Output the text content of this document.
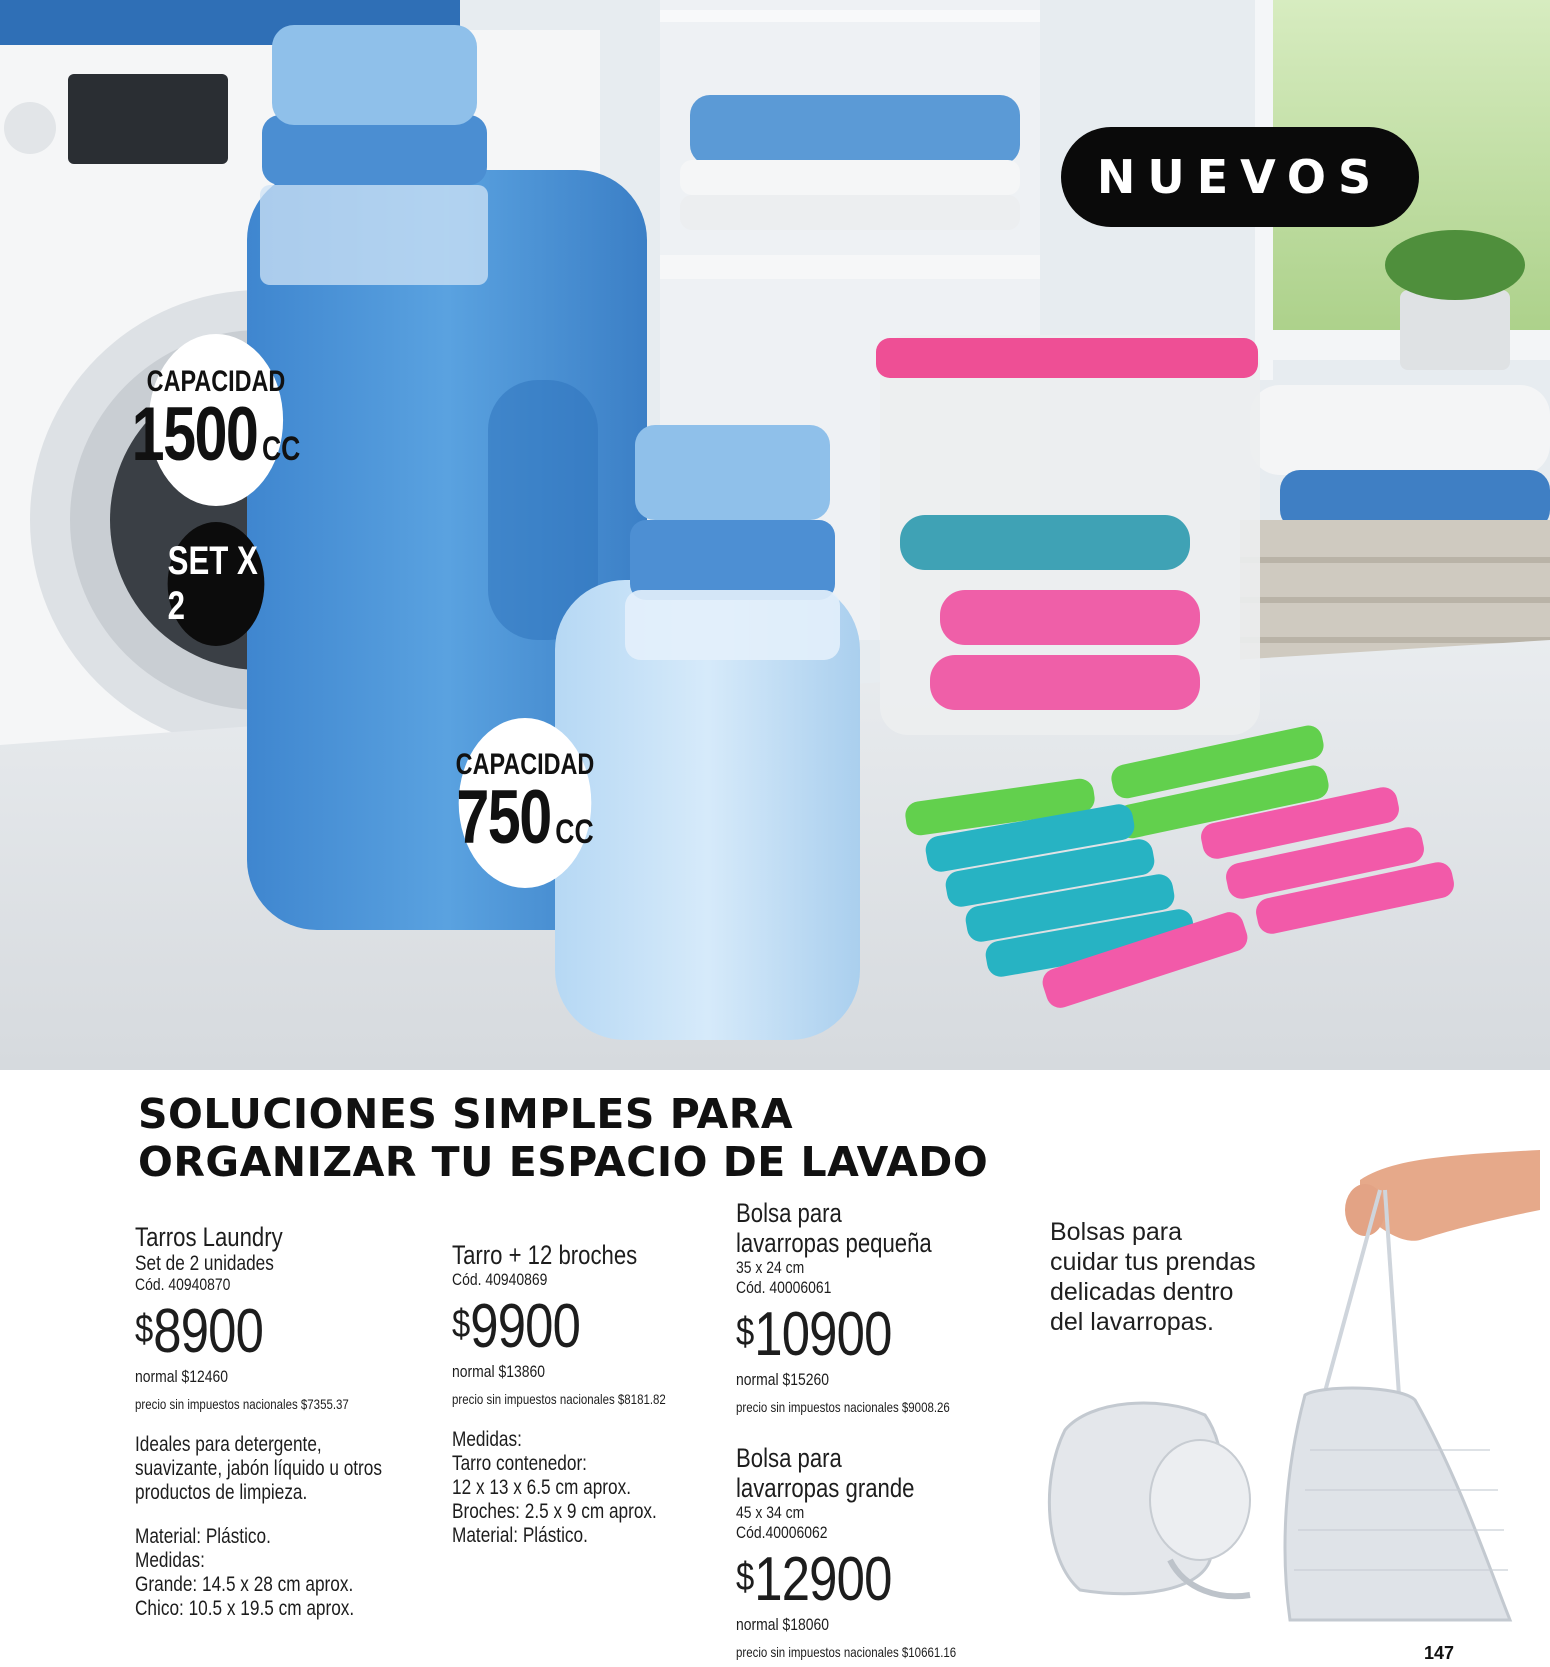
CAPACIDAD
1500 CC
SET X 2
CAPACIDAD
750 CC
NUEVOS
SOLUCIONES SIMPLES PARA
ORGANIZAR TU ESPACIO DE LAVADO
Tarros Laundry
Set de 2 unidades
Cód. 40940870
$ 8900
normal $12460
precio sin impuestos nacionales $7355.37
Ideales para detergente,
suavizante, jabón líquido u otros
productos de limpieza.
Material: Plástico.
Medidas:
Grande: 14.5 x 28 cm aprox.
Chico: 10.5 x 19.5 cm aprox.
Tarro + 12 broches
Cód. 40940869
$ 9900
normal $13860
precio sin impuestos nacionales $8181.82
Medidas:
Tarro contenedor:
12 x 13 x 6.5 cm aprox.
Broches: 2.5 x 9 cm aprox.
Material: Plástico.
Bolsa para
lavarropas pequeña
35 x 24 cm
Cód. 40006061
$ 10900
normal $15260
precio sin impuestos nacionales $9008.26
Bolsa para
lavarropas grande
45 x 34 cm
Cód.40006062
$ 12900
normal $18060
precio sin impuestos nacionales $10661.16
Bolsas para
cuidar tus prendas
delicadas dentro
del lavarropas.
147
